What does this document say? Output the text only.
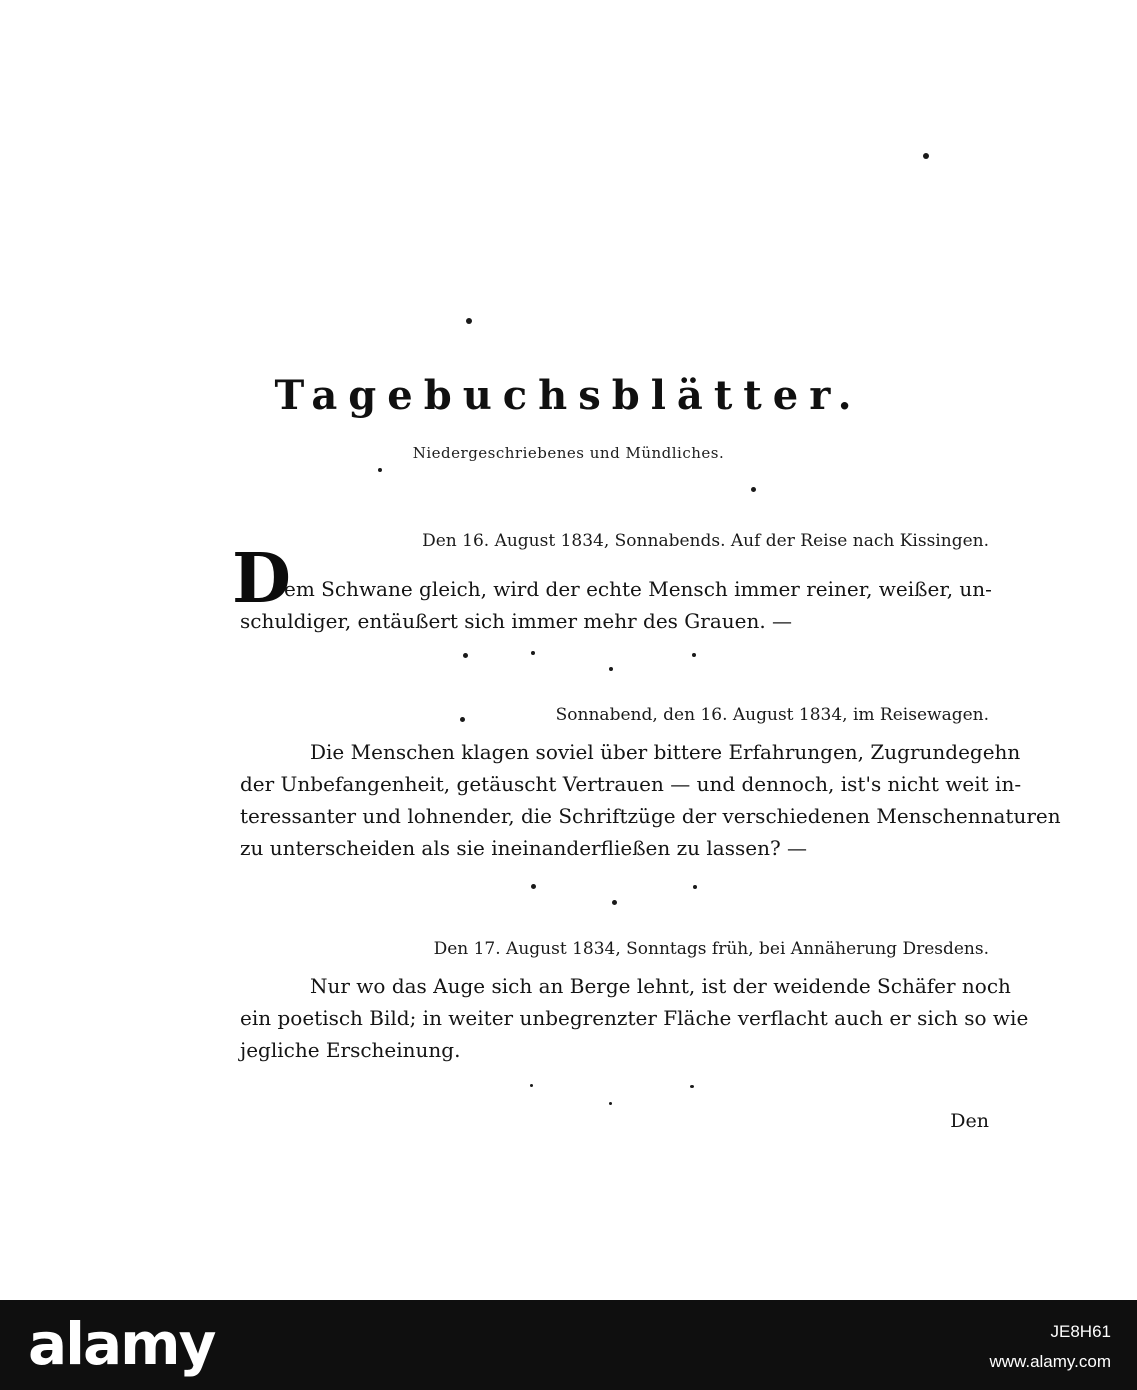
Tagebuchsblätter.
Niedergeschriebenes und Mündliches.
Den 16. August 1834, Sonnabends. Auf der Reise nach Kissingen.
D
em Schwane gleich, wird der echte Mensch immer reiner, weißer, un-
schuldiger, entäußert sich immer mehr des Grauen. —
Sonnabend, den 16. August 1834, im Reisewagen.
Die Menschen klagen soviel über bittere Erfahrungen, Zugrundegehn
der Unbefangenheit, getäuscht Vertrauen — und dennoch, ist's nicht weit in-
teressanter und lohnender, die Schriftzüge der verschiedenen Menschennaturen
zu unterscheiden als sie ineinanderfließen zu lassen? —
Den 17. August 1834, Sonntags früh, bei Annäherung Dresdens.
Nur wo das Auge sich an Berge lehnt, ist der weidende Schäfer noch
ein poetisch Bild; in weiter unbegrenzter Fläche verflacht auch er sich so wie
jegliche Erscheinung.
Den
alamy	JE8H61
www.alamy.com
